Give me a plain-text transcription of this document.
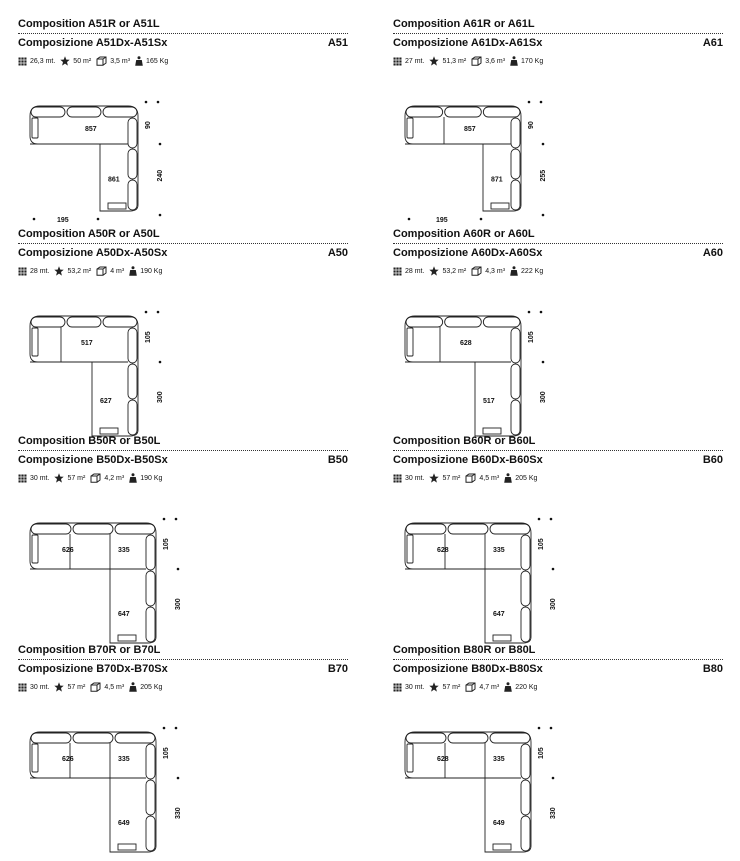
Composition A51R or A51L
Composizione A51Dx-A51Sx	A51
26,3 mt.	50 m²	3,5 m³ 165 Kg
857
861
90
240
195
Composition A61R or A61L
Composizione A61Dx-A61Sx	A61
27 mt.	51,3 m²	3,6 m³ 170 Kg
857
871
90
255
195
Composition A50R or A50L
Composizione A50Dx-A50Sx	A50
28 mt.	53,2 m²	4 m³ 190 Kg
517
627
105
300
Composition A60R or A60L
Composizione A60Dx-A60Sx	A60
28 mt.	53,2 m²	4,3 m³ 222 Kg
628
517
105
300
Composition B50R or B50L
Composizione B50Dx-B50Sx	B50
30 mt.	57 m²	4,2 m³ 190 Kg
626	335
647
105
300
Composition B60R or B60L
Composizione B60Dx-B60Sx	B60
30 mt.	57 m²	4,5 m³ 205 Kg
628	335
647
105
300
Composition B70R or B70L
Composizione B70Dx-B70Sx	B70
30 mt.	57 m²	4,5 m³ 205 Kg
626	335
649
105
330
Composition B80R or B80L
Composizione B80Dx-B80Sx	B80
30 mt.	57 m²	4,7 m³ 220 Kg
628	335
649
105
330
